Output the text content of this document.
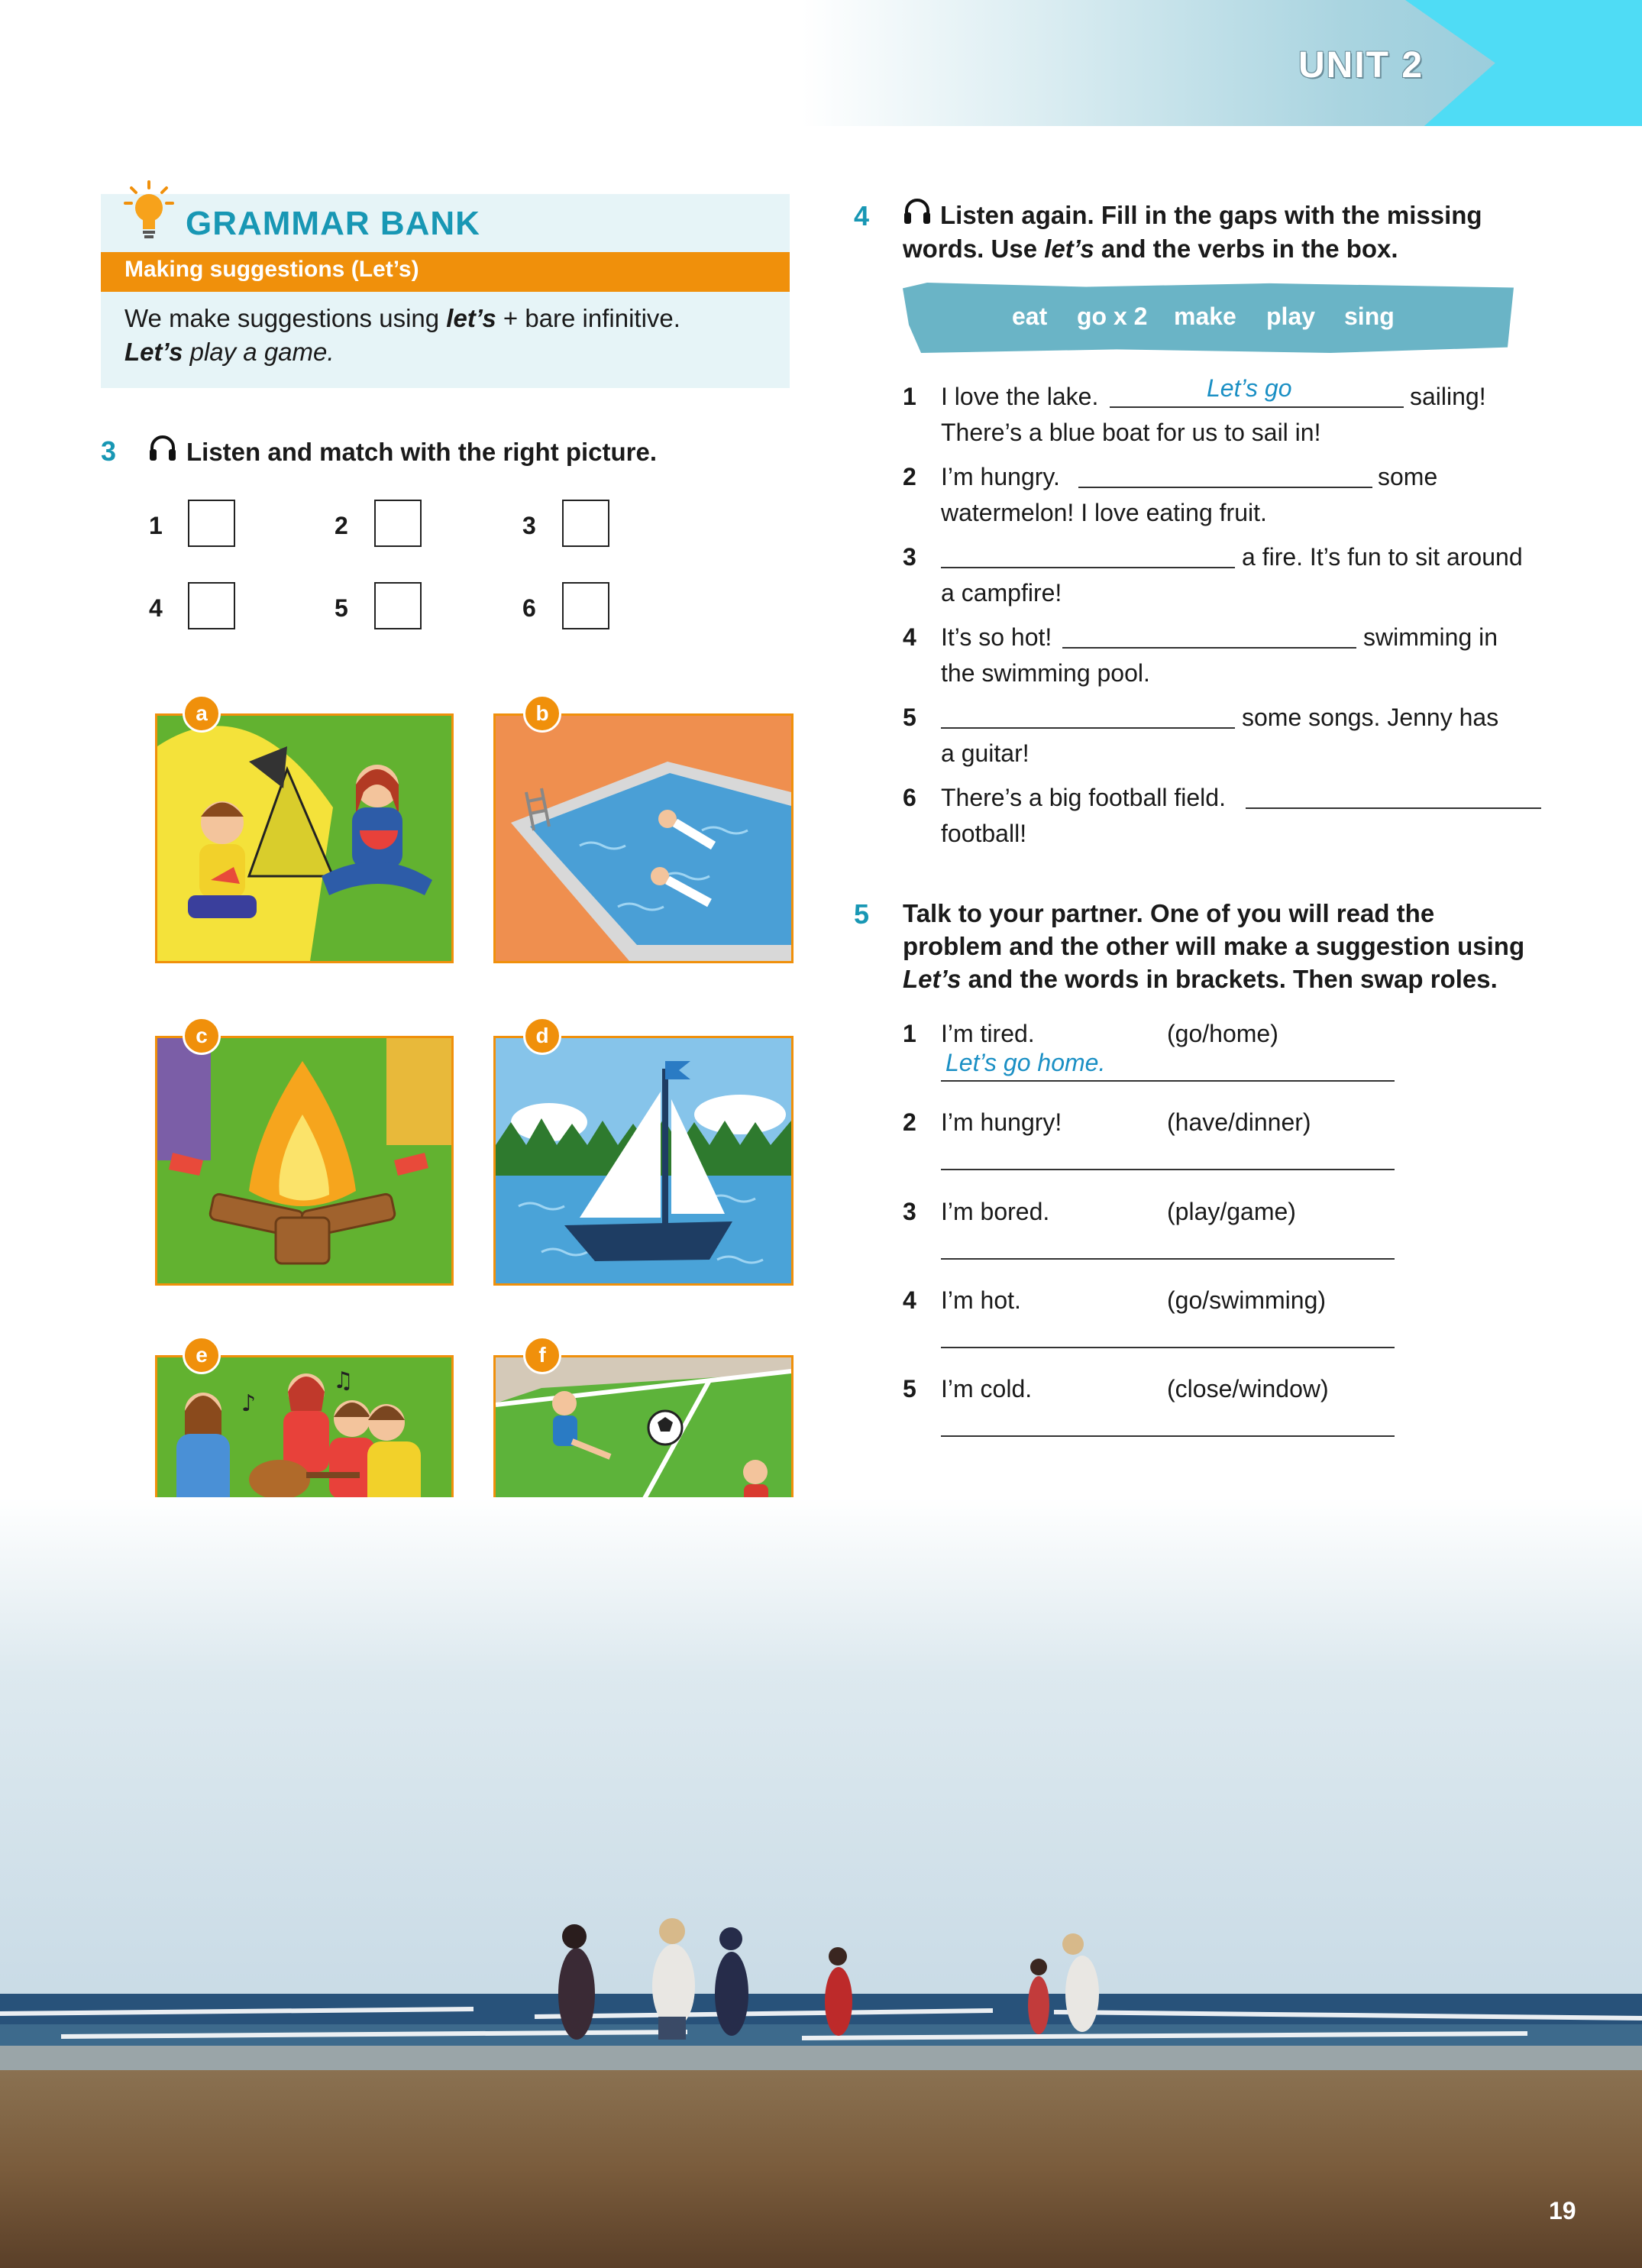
UNIT 2
GRAMMAR BANK
Making suggestions (Let’s)
We make suggestions using let’s + bare infinitive.
Let’s play a game.
3	Listen and match with the right picture.
1	2	3
4	5	6
a	b
c	d
♪
♫
e	f
4	Listen again. Fill in the gaps with the missing
words. Use let’s and the verbs in the box.
eat go x 2 make play sing
1 I love the lake.	Let’s go	sailing!
There’s a blue boat for us to sail in!
2 I’m hungry.	some
watermelon! I love eating fruit.
3	a fire. It’s fun to sit around
a campfire!
4 It’s so hot!	swimming in
the swimming pool.
5	some songs. Jenny has
a guitar!
6 There’s a big football field.
football!
5 Talk to your partner. One of you will read the
problem and the other will make a suggestion using
Let’s and the words in brackets. Then swap roles.
1 I’m tired.	(go/home)
Let’s go home.
2 I’m hungry!	(have/dinner)
3 I’m bored.	(play/game)
4 I’m hot.	(go/swimming)
5 I’m cold.	(close/window)
19
